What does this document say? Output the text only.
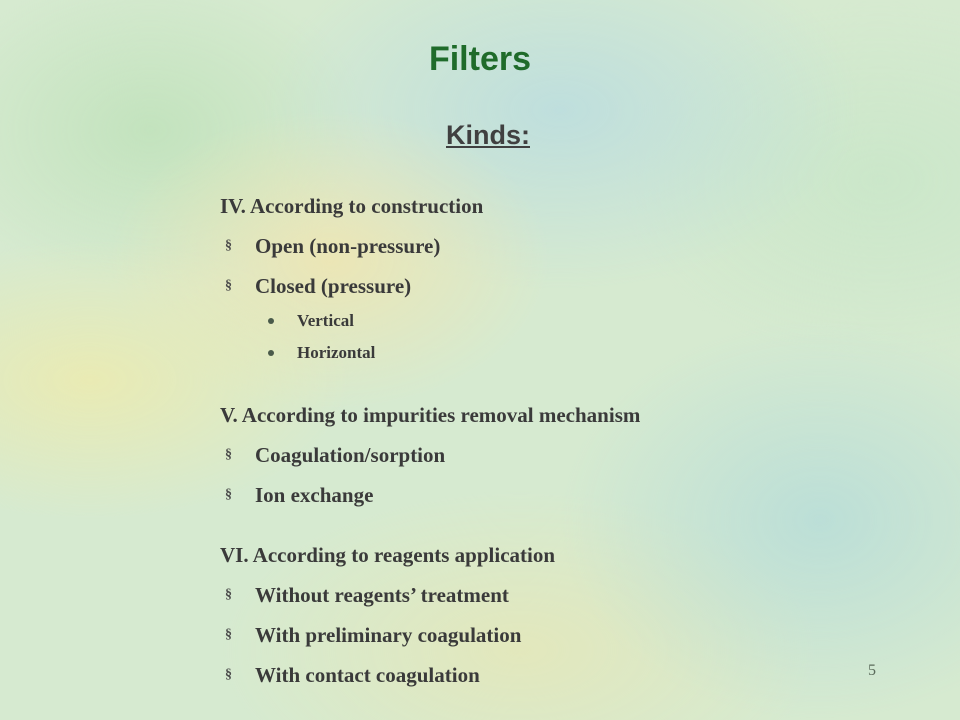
Filters
Kinds:

IV. According to construction

§	Open (non-pressure)
§	Closed (pressure)
Vertical
Horizontal

V. According to impurities removal mechanism

§	Coagulation/sorption
§	Ion exchange

VI. According to reagents application

§	Without reagents’ treatment
§	With preliminary coagulation
§	With contact coagulation	5
